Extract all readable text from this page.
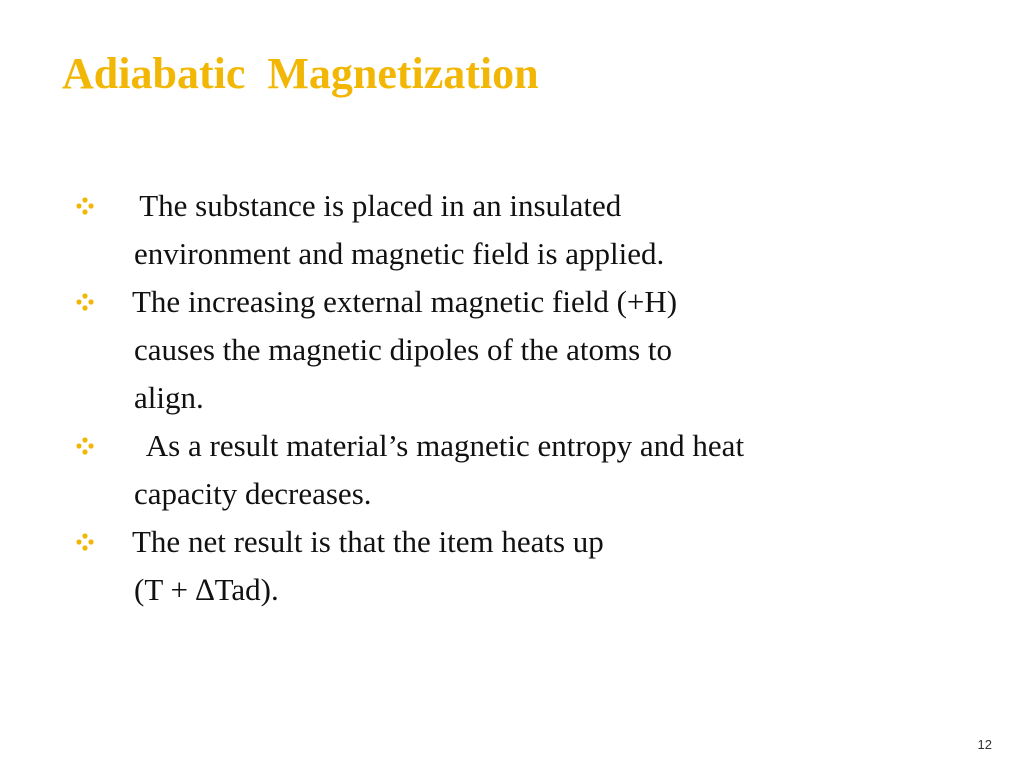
Adiabatic  Magnetization
The substance is placed in an insulated
environment and magnetic field is applied.
The increasing external magnetic field (+H)
causes the magnetic dipoles of the atoms to
align.
As a result material’s magnetic entropy and heat
capacity decreases.
The net result is that the item heats up
(T + ∆Tad).
12
